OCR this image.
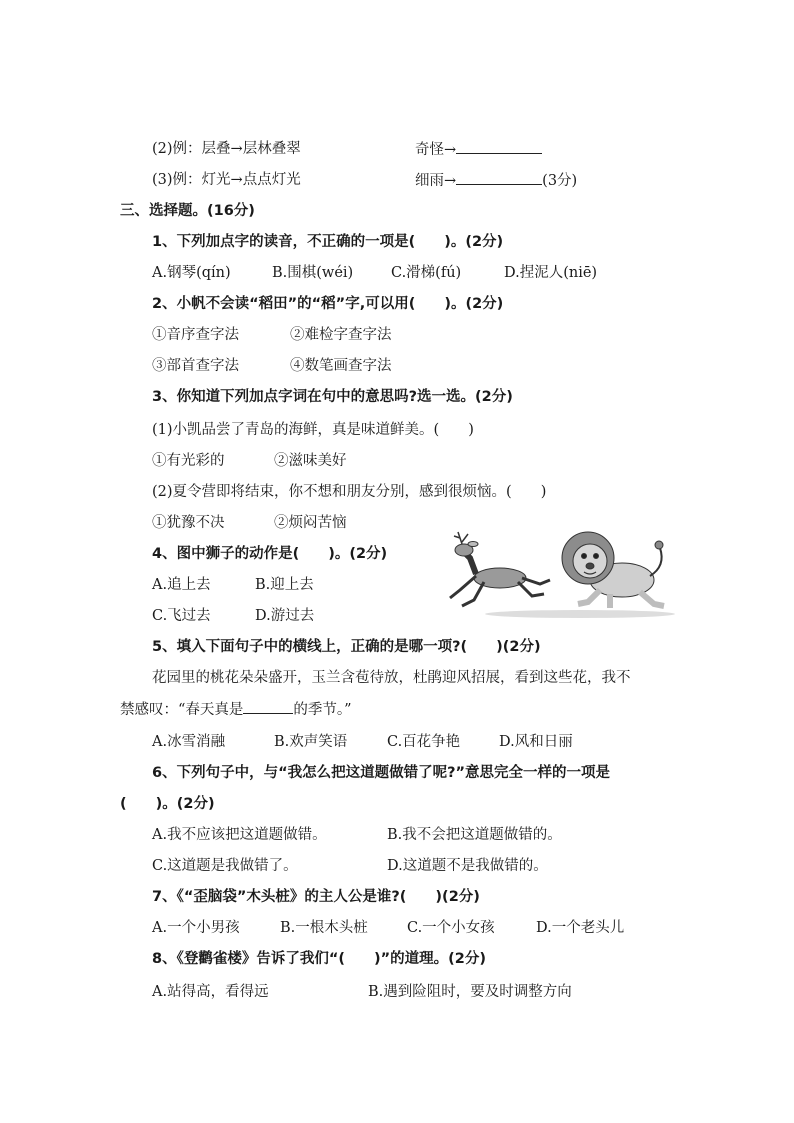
(2)例：层叠→层林叠翠	奇怪→
(3)例：灯光→点点灯光	细雨→	(3分)
三、选择题。(16分)
1、下列加点字的读音，不正确的一项是(　　)。(2分)
A.钢琴(qín)	B.围棋(wéi)	C.滑梯(fú)	D.捏泥人(niē)
2、小帆不会读“稻田”的“稻”字,可以用(　　)。(2分)
①音序查字法	②难检字查字法
③部首查字法	④数笔画查字法
3、你知道下列加点字词在句中的意思吗?选一选。(2分)
(1)小凯品尝了青岛的海鲜，真是味道鲜美。(　　)
①有光彩的	②滋味美好
(2)夏令营即将结束，你不想和朋友分别，感到很烦恼。(　　)
①犹豫不决	②烦闷苦恼
4、图中狮子的动作是(　　)。(2分)
A.追上去	B.迎上去
C.飞过去	D.游过去
5、填入下面句子中的横线上，正确的是哪一项?(　　)(2分)
花园里的桃花朵朵盛开，玉兰含苞待放，杜鹃迎风招展，看到这些花，我不
禁感叹：“春天真是	的季节。”
A.冰雪消融	B.欢声笑语	C.百花争艳	D.风和日丽
6、下列句子中，与“我怎么把这道题做错了呢?”意思完全一样的一项是
(　　)。(2分)
A.我不应该把这道题做错。	B.我不会把这道题做错的。
C.这道题是我做错了。	D.这道题不是我做错的。
7、《“歪脑袋”木头桩》的主人公是谁?(　　)(2分)
A.一个小男孩	B.一根木头桩	C.一个小女孩	D.一个老头儿
8、《登鹳雀楼》告诉了我们“(　　)”的道理。(2分)
A.站得高，看得远	B.遇到险阻时，要及时调整方向
